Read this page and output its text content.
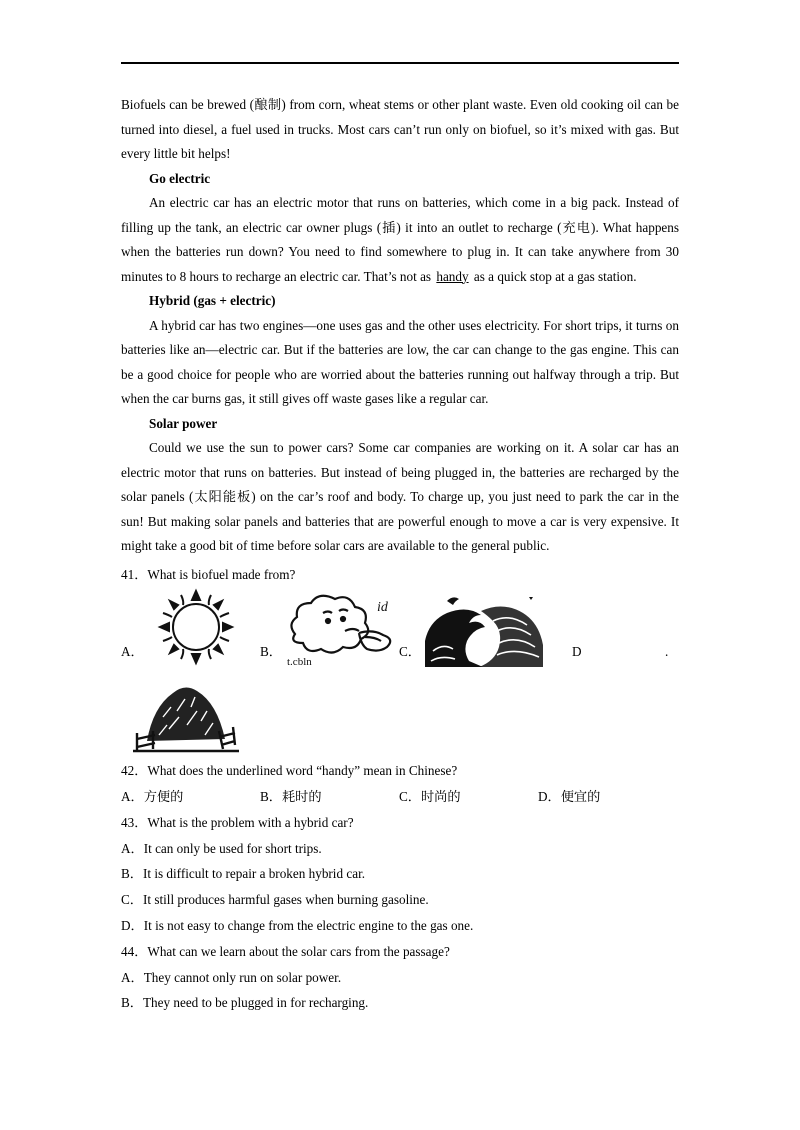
Biofuels can be brewed (酿制) from corn, wheat stems or other plant waste. Even old cooking oil can be turned into diesel, a fuel used in trucks. Most cars can’t run only on biofuel, so it’s mixed with gas. But every little bit helps!

Go electric

An electric car has an electric motor that runs on batteries, which come in a big pack. Instead of filling up the tank, an electric car owner plugs (插) it into an outlet to recharge (充电). What happens when the batteries run down? You need to find somewhere to plug in. It can take anywhere from 30 minutes to 8 hours to recharge an electric car. That’s not as handy as a quick stop at a gas station.

Hybrid (gas + electric)

A hybrid car has two engines—one uses gas and the other uses electricity. For short trips, it turns on batteries like an—electric car. But if the batteries are low, the car can change to the gas engine. This can be a good choice for people who are worried about the batteries running out halfway through a trip. But when the car burns gas, it still gives off waste gases like a regular car.

Solar power

Could we use the sun to power cars? Some car companies are working on it. A solar car has an electric motor that runs on batteries. But instead of being plugged in, the batteries are recharged by the solar panels (太阳能板) on the car’s roof and body. To charge up, you just need to park the car in the sun! But making solar panels and batteries that are powerful enough to move a car is very expensive. It might take a good bit of time before solar cars are available to the general public.

41．What is biofuel made from?

A．	B．
id
t.cbln
C．	D	.

42．What does the underlined word “handy” mean in Chinese?

A．方便的	B．耗时的	C．时尚的	D．便宜的

43．What is the problem with a hybrid car?

A．It can only be used for short trips.

B．It is difficult to repair a broken hybrid car.

C．It still produces harmful gases when burning gasoline.

D．It is not easy to change from the electric engine to the gas one.

44．What can we learn about the solar cars from the passage?

A．They cannot only run on solar power.

B．They need to be plugged in for recharging.
